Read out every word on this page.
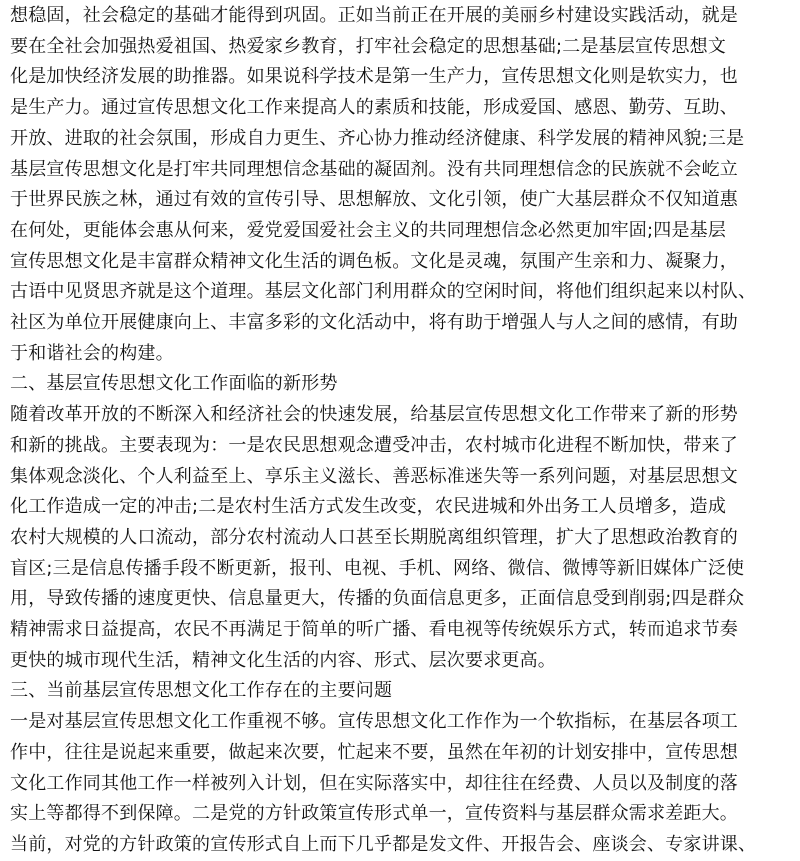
想稳固，社会稳定的基础才能得到巩固。正如当前正在开展的美丽乡村建设实践活动，就是
要在全社会加强热爱祖国、热爱家乡教育，打牢社会稳定的思想基础;二是基层宣传思想文
化是加快经济发展的助推器。如果说科学技术是第一生产力，宣传思想文化则是软实力，也
是生产力。通过宣传思想文化工作来提高人的素质和技能，形成爱国、感恩、勤劳、互助、
开放、进取的社会氛围，形成自力更生、齐心协力推动经济健康、科学发展的精神风貌;三是
基层宣传思想文化是打牢共同理想信念基础的凝固剂。没有共同理想信念的民族就不会屹立
于世界民族之林，通过有效的宣传引导、思想解放、文化引领，使广大基层群众不仅知道惠
在何处，更能体会惠从何来，爱党爱国爱社会主义的共同理想信念必然更加牢固;四是基层
宣传思想文化是丰富群众精神文化生活的调色板。文化是灵魂，氛围产生亲和力、凝聚力，
古语中见贤思齐就是这个道理。基层文化部门利用群众的空闲时间，将他们组织起来以村队、
社区为单位开展健康向上、丰富多彩的文化活动中，将有助于增强人与人之间的感情，有助
于和谐社会的构建。
二、基层宣传思想文化工作面临的新形势
随着改革开放的不断深入和经济社会的快速发展，给基层宣传思想文化工作带来了新的形势
和新的挑战。主要表现为：一是农民思想观念遭受冲击，农村城市化进程不断加快，带来了
集体观念淡化、个人利益至上、享乐主义滋长、善恶标准迷失等一系列问题，对基层思想文
化工作造成一定的冲击;二是农村生活方式发生改变，农民进城和外出务工人员增多，造成
农村大规模的人口流动，部分农村流动人口甚至长期脱离组织管理，扩大了思想政治教育的
盲区;三是信息传播手段不断更新，报刊、电视、手机、网络、微信、微博等新旧媒体广泛使
用，导致传播的速度更快、信息量更大，传播的负面信息更多，正面信息受到削弱;四是群众
精神需求日益提高，农民不再满足于简单的听广播、看电视等传统娱乐方式，转而追求节奏
更快的城市现代生活，精神文化生活的内容、形式、层次要求更高。
三、当前基层宣传思想文化工作存在的主要问题
一是对基层宣传思想文化工作重视不够。宣传思想文化工作作为一个软指标，在基层各项工
作中，往往是说起来重要，做起来次要，忙起来不要，虽然在年初的计划安排中，宣传思想
文化工作同其他工作一样被列入计划，但在实际落实中，却往往在经费、人员以及制度的落
实上等都得不到保障。二是党的方针政策宣传形式单一，宣传资料与基层群众需求差距大。
当前，对党的方针政策的宣传形式自上而下几乎都是发文件、开报告会、座谈会、专家讲课、
